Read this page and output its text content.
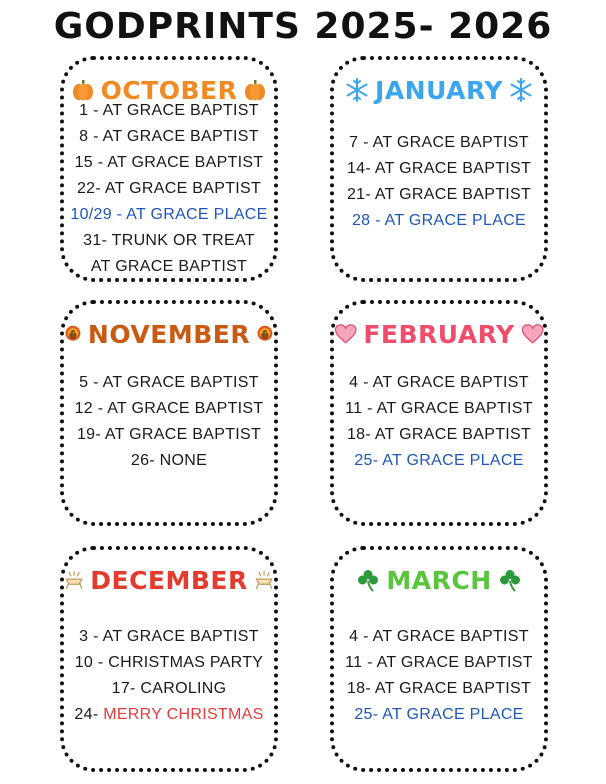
GODPRINTS 2025- 2026
OCTOBER
1 - AT GRACE BAPTIST
8 - AT GRACE BAPTIST
15 - AT GRACE BAPTIST
22- AT GRACE BAPTIST
10/29 - AT GRACE PLACE
31- TRUNK OR TREAT
AT GRACE BAPTIST
JANUARY
7 - AT GRACE BAPTIST
14- AT GRACE BAPTIST
21- AT GRACE BAPTIST
28 - AT GRACE PLACE
NOVEMBER
5 - AT GRACE BAPTIST
12 - AT GRACE BAPTIST
19- AT GRACE BAPTIST
26- NONE
FEBRUARY
4 - AT GRACE BAPTIST
11 - AT GRACE BAPTIST
18- AT GRACE BAPTIST
25- AT GRACE PLACE
DECEMBER
3 - AT GRACE BAPTIST
10 - CHRISTMAS PARTY
17- CAROLING
24- MERRY CHRISTMAS
MARCH
4 - AT GRACE BAPTIST
11 - AT GRACE BAPTIST
18- AT GRACE BAPTIST
25- AT GRACE PLACE
